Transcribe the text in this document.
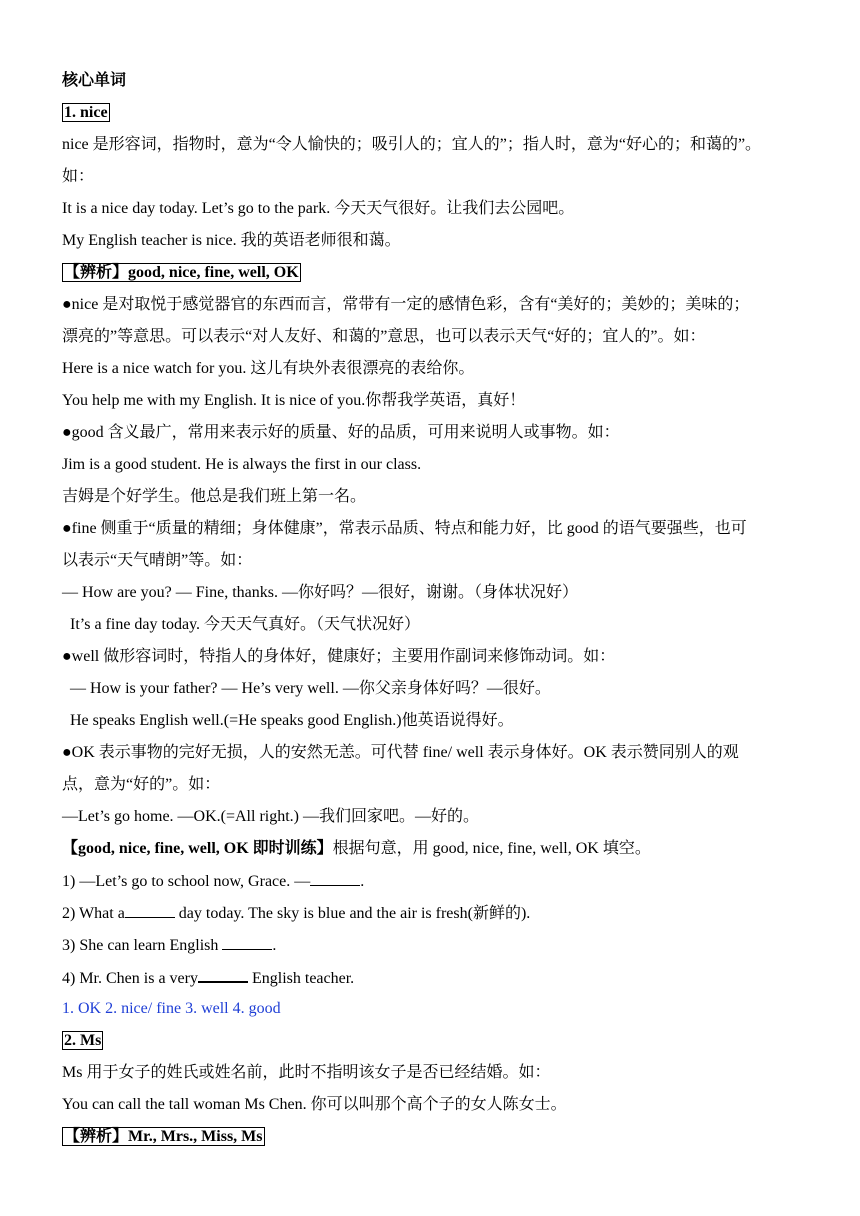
核心单词
1. nice
nice 是形容词，指物时，意为“令人愉快的；吸引人的；宜人的”；指人时，意为“好心的；和蔼的”。
如：
It is a nice day today. Let’s go to the park. 今天天气很好。让我们去公园吧。
My English teacher is nice. 我的英语老师很和蔼。
【辨析】good, nice, fine, well, OK
●nice 是对取悦于感觉器官的东西而言，常带有一定的感情色彩，含有“美好的；美妙的；美味的；
漂亮的”等意思。可以表示“对人友好、和蔼的”意思，也可以表示天气“好的；宜人的”。如：
Here is a nice watch for you. 这儿有块外表很漂亮的表给你。
You help me with my English. It is nice of you.你帮我学英语，真好！
●good 含义最广，常用来表示好的质量、好的品质，可用来说明人或事物。如：
Jim is a good student. He is always the first in our class.
吉姆是个好学生。他总是我们班上第一名。
●fine 侧重于“质量的精细；身体健康”，常表示品质、特点和能力好，比 good 的语气要强些，也可
以表示“天气晴朗”等。如：
— How are you? — Fine, thanks. —你好吗？—很好，谢谢。（身体状况好）
It’s a fine day today. 今天天气真好。（天气状况好）
●well 做形容词时，特指人的身体好，健康好；主要用作副词来修饰动词。如：
— How is your father? — He’s very well. —你父亲身体好吗？—很好。
He speaks English well.(=He speaks good English.)他英语说得好。
●OK 表示事物的完好无损，人的安然无恙。可代替 fine/ well 表示身体好。OK 表示赞同别人的观
点，意为“好的”。如：
—Let’s go home. —OK.(=All right.) —我们回家吧。—好的。
【good, nice, fine, well, OK 即时训练】根据句意，用 good, nice, fine, well, OK 填空。
1) —Let’s go to school now, Grace. —	.
2) What a	day today. The sky is blue and the air is fresh(新鲜的).
3) She can learn English	.
4) Mr. Chen is a very	English teacher.
1. OK 2. nice/ fine 3. well 4. good
2. Ms
Ms 用于女子的姓氏或姓名前，此时不指明该女子是否已经结婚。如：
You can call the tall woman Ms Chen. 你可以叫那个高个子的女人陈女士。
【辨析】Mr., Mrs., Miss, Ms
